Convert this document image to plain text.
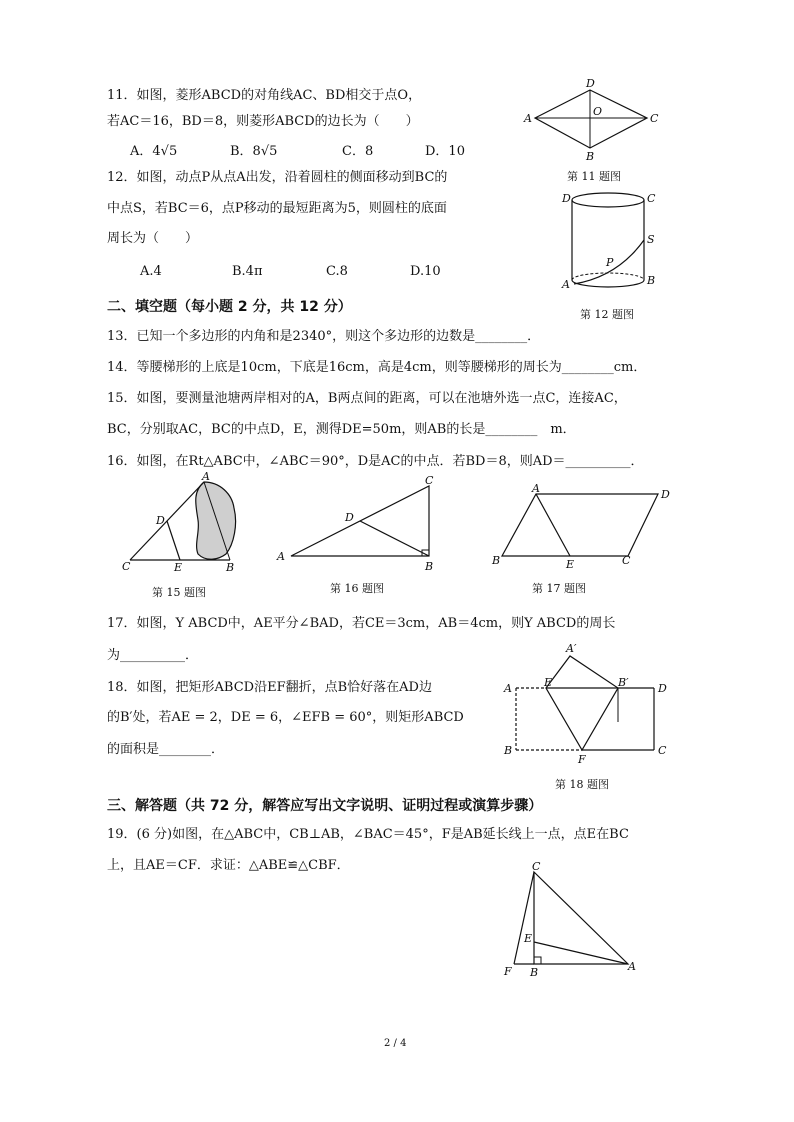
11．如图，菱形ABCD的对角线AC、BD相交于点O，
若AC＝16，BD＝8，则菱形ABCD的边长为（　　）
A．4√5	B．8√5	C．8	D．10
D
A
O
C
B
第 11 题图
12．如图，动点P从点A出发，沿着圆柱的侧面移动到BC的
中点S，若BC＝6，点P移动的最短距离为5，则圆柱的底面
周长为（　　）
A.4	B.4π	C.8	D.10
D	C
S
P
A	B
第 12 题图
二、填空题（每小题 2 分，共 12 分）
13．已知一个多边形的内角和是2340°，则这个多边形的边数是________．
14．等腰梯形的上底是10cm，下底是16cm，高是4cm，则等腰梯形的周长为________cm．
15．如图，要测量池塘两岸相对的A，B两点间的距离，可以在池塘外选一点C，连接AC，
BC，分别取AC，BC的中点D，E，测得DE=50m，则AB的长是________　m．
16．如图，在Rt△ABC中，∠ABC＝90°，D是AC的中点．若BD＝8，则AD＝__________．
A
D
C	E	B
第 15 题图
C
D
A
B
第 16 题图
A	D
B	E	C
第 17 题图
17．如图，Y ABCD中，AE平分∠BAD，若CE＝3cm，AB＝4cm，则Y ABCD的周长
为__________．
18．如图，把矩形ABCD沿EF翻折，点B恰好落在AD边
的B′处，若AE = 2，DE = 6，∠EFB = 60°，则矩形ABCD
的面积是________．
A′
A	E	B′	D
B
F
C
第 18 题图
三、解答题（共 72 分，解答应写出文字说明、证明过程或演算步骤）
19．(6 分)如图，在△ABC中，CB⊥AB，∠BAC＝45°，F是AB延长线上一点，点E在BC
上，且AE＝CF．求证：△ABE≌△CBF．	C
E
F B	A
2 / 4
